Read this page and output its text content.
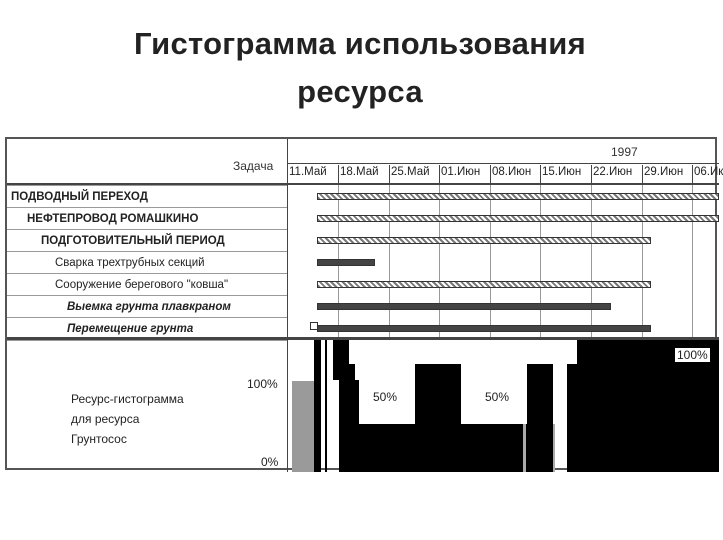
Гистограмма использования
ресурса
Задача
1997
11.Май 18.Май 25.Май 01.Июн 08.Июн 15.Июн 22.Июн 29.Июн 06.Ик
ПОДВОДНЫЙ ПЕРЕХОД
НЕФТЕПРОВОД РОМАШКИНО
ПОДГОТОВИТЕЛЬНЫЙ ПЕРИОД
Сварка трехтрубных секций
Сооружение берегового "ковша"
Выемка грунта плавкраном
Перемещение грунта
Ресурс-гистограмма
для ресурса
Грунтосос
100%
0%
50%	50%
100%
